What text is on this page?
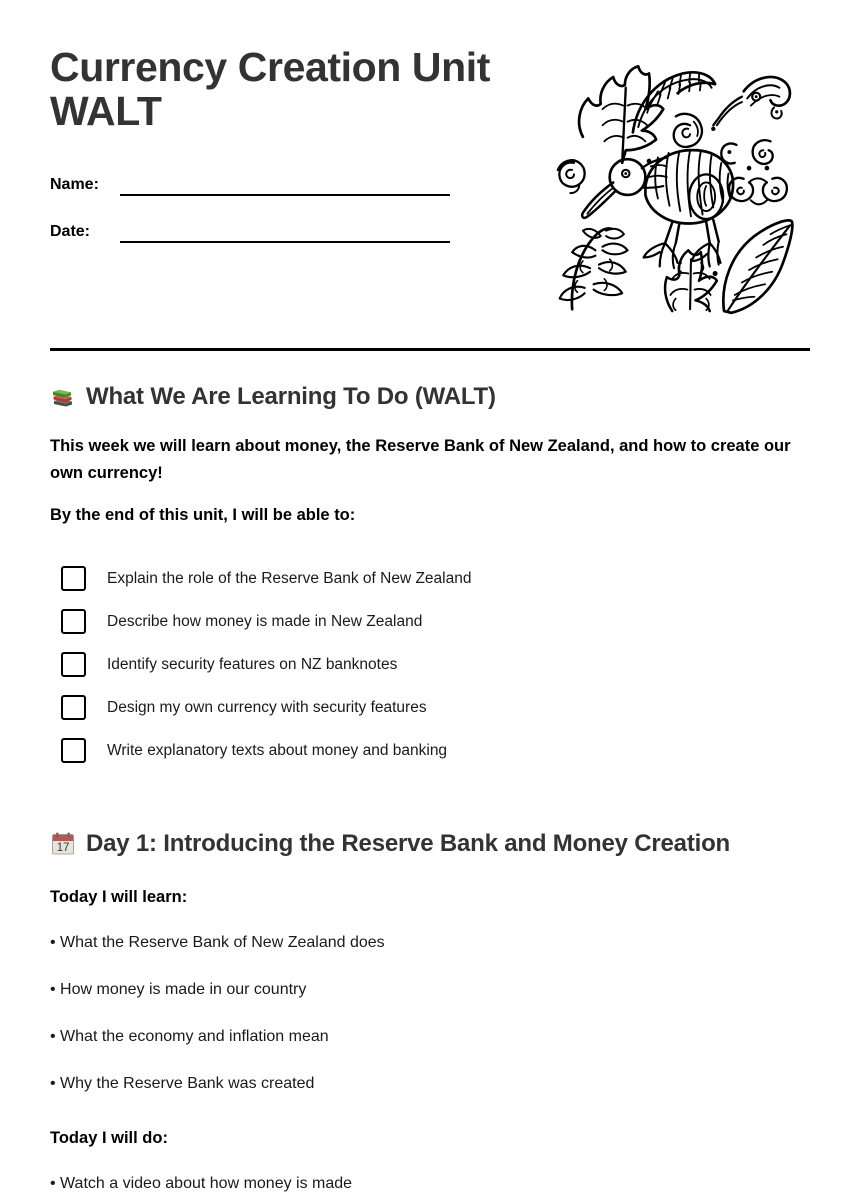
Currency Creation Unit
WALT
Name:
Date:
What We Are Learning To Do (WALT)

This week we will learn about money, the Reserve Bank of New Zealand, and how to create our own currency!

By the end of this unit, I will be able to:

Explain the role of the Reserve Bank of New Zealand
Describe how money is made in New Zealand
Identify security features on NZ banknotes
Design my own currency with security features
Write explanatory texts about money and banking
17 Day 1: Introducing the Reserve Bank and Money Creation

Today I will learn:

• What the Reserve Bank of New Zealand does

• How money is made in our country

• What the economy and inflation mean

• Why the Reserve Bank was created

Today I will do:

• Watch a video about how money is made
